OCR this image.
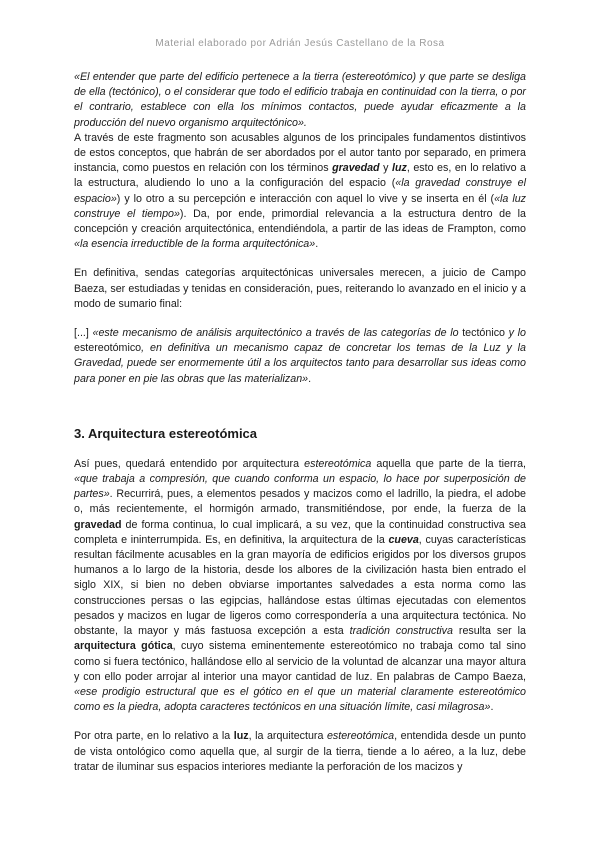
Material elaborado por Adrián Jesús Castellano de la Rosa

«El entender que parte del edificio pertenece a la tierra (estereotómico) y que parte se desliga de ella (tectónico), o el considerar que todo el edificio trabaja en continuidad con la tierra, o por el contrario, establece con ella los mínimos contactos, puede ayudar eficazmente a la producción del nuevo organismo arquitectónico».

A través de este fragmento son acusables algunos de los principales fundamentos distintivos de estos conceptos, que habrán de ser abordados por el autor tanto por separado, en primera instancia, como puestos en relación con los términos gravedad y luz, esto es, en lo relativo a la estructura, aludiendo lo uno a la configuración del espacio («la gravedad construye el espacio») y lo otro a su percepción e interacción con aquel lo vive y se inserta en él («la luz construye el tiempo»). Da, por ende, primordial relevancia a la estructura dentro de la concepción y creación arquitectónica, entendiéndola, a partir de las ideas de Frampton, como «la esencia irreductible de la forma arquitectónica».

En definitiva, sendas categorías arquitectónicas universales merecen, a juicio de Campo Baeza, ser estudiadas y tenidas en consideración, pues, reiterando lo avanzado en el inicio y a modo de sumario final:

[...] «este mecanismo de análisis arquitectónico a través de las categorías de lo tectónico y lo estereotómico, en definitiva un mecanismo capaz de concretar los temas de la Luz y la Gravedad, puede ser enormemente útil a los arquitectos tanto para desarrollar sus ideas como para poner en pie las obras que las materializan».

3. Arquitectura estereotómica

Así pues, quedará entendido por arquitectura estereotómica aquella que parte de la tierra, «que trabaja a compresión, que cuando conforma un espacio, lo hace por superposición de partes». Recurrirá, pues, a elementos pesados y macizos como el ladrillo, la piedra, el adobe o, más recientemente, el hormigón armado, transmitiéndose, por ende, la fuerza de la gravedad de forma continua, lo cual implicará, a su vez, que la continuidad constructiva sea completa e ininterrumpida. Es, en definitiva, la arquitectura de la cueva, cuyas características resultan fácilmente acusables en la gran mayoría de edificios erigidos por los diversos grupos humanos a lo largo de la historia, desde los albores de la civilización hasta bien entrado el siglo XIX, si bien no deben obviarse importantes salvedades a esta norma como las construcciones persas o las egipcias, hallándose estas últimas ejecutadas con elementos pesados y macizos en lugar de ligeros como correspondería a una arquitectura tectónica. No obstante, la mayor y más fastuosa excepción a esta tradición constructiva resulta ser la arquitectura gótica, cuyo sistema eminentemente estereotómico no trabaja como tal sino como si fuera tectónico, hallándose ello al servicio de la voluntad de alcanzar una mayor altura y con ello poder arrojar al interior una mayor cantidad de luz. En palabras de Campo Baeza, «ese prodigio estructural que es el gótico en el que un material claramente estereotómico como es la piedra, adopta caracteres tectónicos en una situación límite, casi milagrosa».

Por otra parte, en lo relativo a la luz, la arquitectura estereotómica, entendida desde un punto de vista ontológico como aquella que, al surgir de la tierra, tiende a lo aéreo, a la luz, debe tratar de iluminar sus espacios interiores mediante la perforación de los macizos y
